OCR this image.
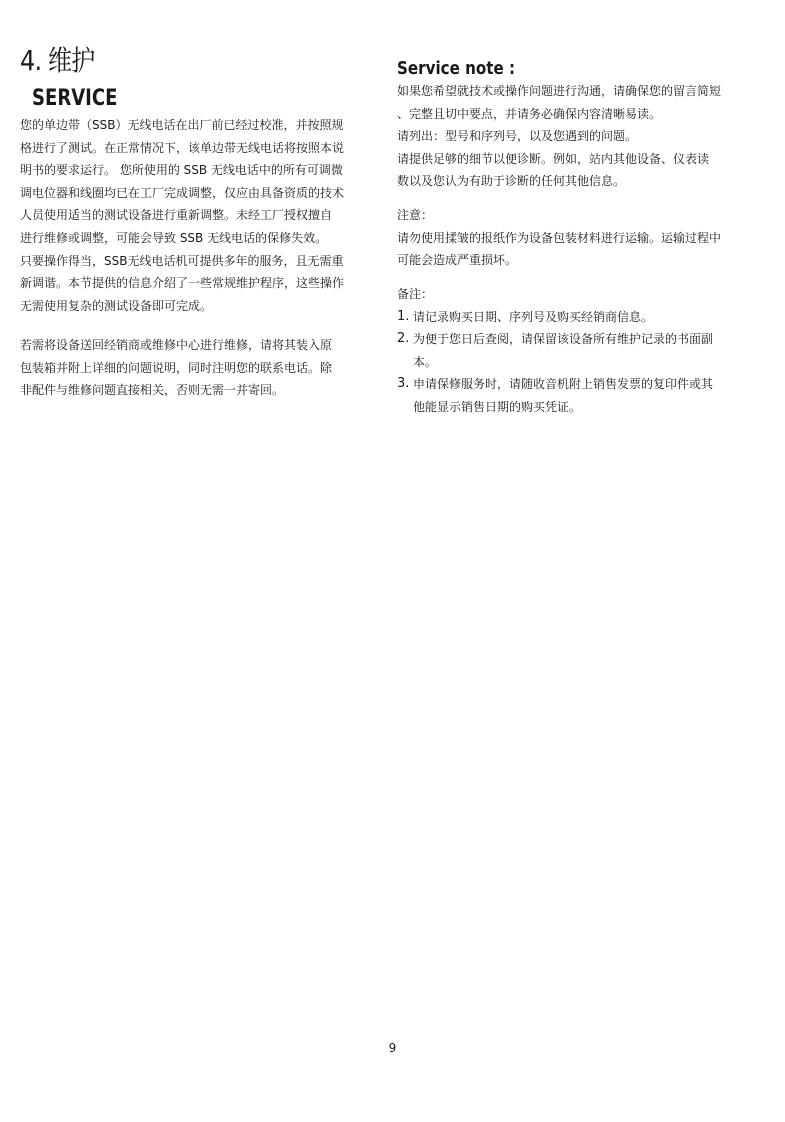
4. 维护
SERVICE

您的单边带（SSB）无线电话在出厂前已经过校准，并按照规

格进行了测试。在正常情况下，该单边带无线电话将按照本说

明书的要求运行。 您所使用的 SSB 无线电话中的所有可调微

调电位器和线圈均已在工厂完成调整，仅应由具备资质的技术

人员使用适当的测试设备进行重新调整。未经工厂授权擅自

进行维修或调整，可能会导致 SSB 无线电话的保修失效。

只要操作得当，SSB无线电话机可提供多年的服务，且无需重

新调谐。本节提供的信息介绍了一些常规维护程序，这些操作

无需使用复杂的测试设备即可完成。

若需将设备送回经销商或维修中心进行维修，请将其装入原

包装箱并附上详细的问题说明，同时注明您的联系电话。除

非配件与维修问题直接相关，否则无需一并寄回。

Service note :

如果您希望就技术或操作问题进行沟通，请确保您的留言简短

、完整且切中要点，并请务必确保内容清晰易读。

请列出：型号和序列号，以及您遇到的问题。

请提供足够的细节以便诊断。例如，站内其他设备、仪表读

数以及您认为有助于诊断的任何其他信息。

注意：

请勿使用揉皱的报纸作为设备包装材料进行运输。运输过程中

可能会造成严重损坏。

备注：

1. 请记录购买日期、序列号及购买经销商信息。
2. 为便于您日后查阅，请保留该设备所有维护记录的书面副
本。
3. 申请保修服务时，请随收音机附上销售发票的复印件或其
他能显示销售日期的购买凭证。
9
